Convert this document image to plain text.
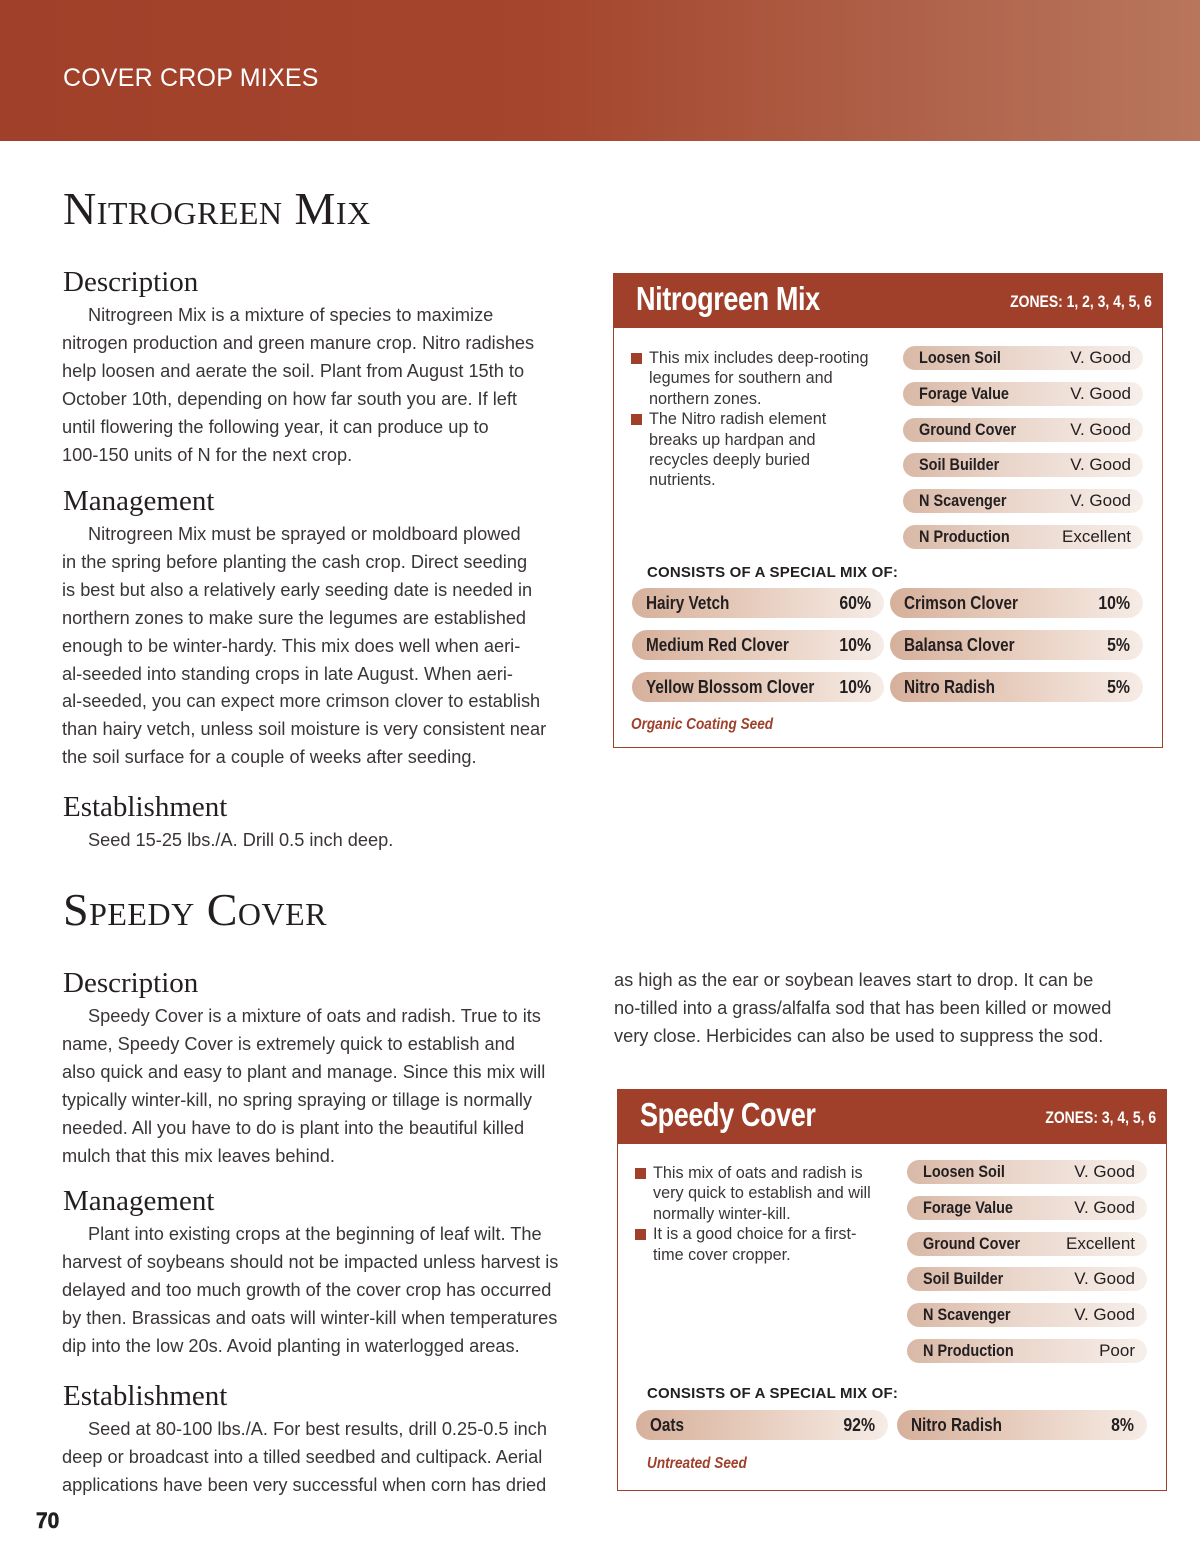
COVER CROP MIXES
Nitrogreen Mix
Description
Nitrogreen Mix is a mixture of species to maximize
nitrogen production and green manure crop. Nitro radishes
help loosen and aerate the soil. Plant from August 15th to
October 10th, depending on how far south you are. If left
until flowering the following year, it can produce up to
100-150 units of N for the next crop.
Management
Nitrogreen Mix must be sprayed or moldboard plowed
in the spring before planting the cash crop. Direct seeding
is best but also a relatively early seeding date is needed in
northern zones to make sure the legumes are established
enough to be winter-hardy. This mix does well when aeri-
al-seeded into standing crops in late August. When aeri-
al-seeded, you can expect more crimson clover to establish
than hairy vetch, unless soil moisture is very consistent near
the soil surface for a couple of weeks after seeding.
Establishment
Seed 15-25 lbs./A. Drill 0.5 inch deep.
Nitrogreen Mix	ZONES: 1, 2, 3, 4, 5, 6
This mix includes deep-rooting
legumes for southern and
northern zones.
The Nitro radish element
breaks up hardpan and
recycles deeply buried
nutrients.
Loosen Soil	V. Good
Forage Value	V. Good
Ground Cover	V. Good
Soil Builder	V. Good
N Scavenger	V. Good
N Production	Excellent
CONSISTS OF A SPECIAL MIX OF:
Hairy Vetch	60% Crimson Clover	10%
Medium Red Clover	10% Balansa Clover	5%
Yellow Blossom Clover 10% Nitro Radish	5%
Organic Coating Seed
Speedy Cover
Description
Speedy Cover is a mixture of oats and radish. True to its
name, Speedy Cover is extremely quick to establish and
also quick and easy to plant and manage. Since this mix will
typically winter-kill, no spring spraying or tillage is normally
needed. All you have to do is plant into the beautiful killed
mulch that this mix leaves behind.
Management
Plant into existing crops at the beginning of leaf wilt. The
harvest of soybeans should not be impacted unless harvest is
delayed and too much growth of the cover crop has occurred
by then. Brassicas and oats will winter-kill when temperatures
dip into the low 20s. Avoid planting in waterlogged areas.
Establishment
Seed at 80-100 lbs./A. For best results, drill 0.25-0.5 inch
deep or broadcast into a tilled seedbed and cultipack. Aerial
applications have been very successful when corn has dried
as high as the ear or soybean leaves start to drop. It can be
no-tilled into a grass/alfalfa sod that has been killed or mowed
very close. Herbicides can also be used to suppress the sod.
Speedy Cover	ZONES: 3, 4, 5, 6
This mix of oats and radish is
very quick to establish and will
normally winter-kill.
It is a good choice for a first-
time cover cropper.
Loosen Soil	V. Good
Forage Value	V. Good
Ground Cover	Excellent
Soil Builder	V. Good
N Scavenger	V. Good
N Production	Poor
CONSISTS OF A SPECIAL MIX OF:
Oats	92% Nitro Radish	8%
Untreated Seed
70
